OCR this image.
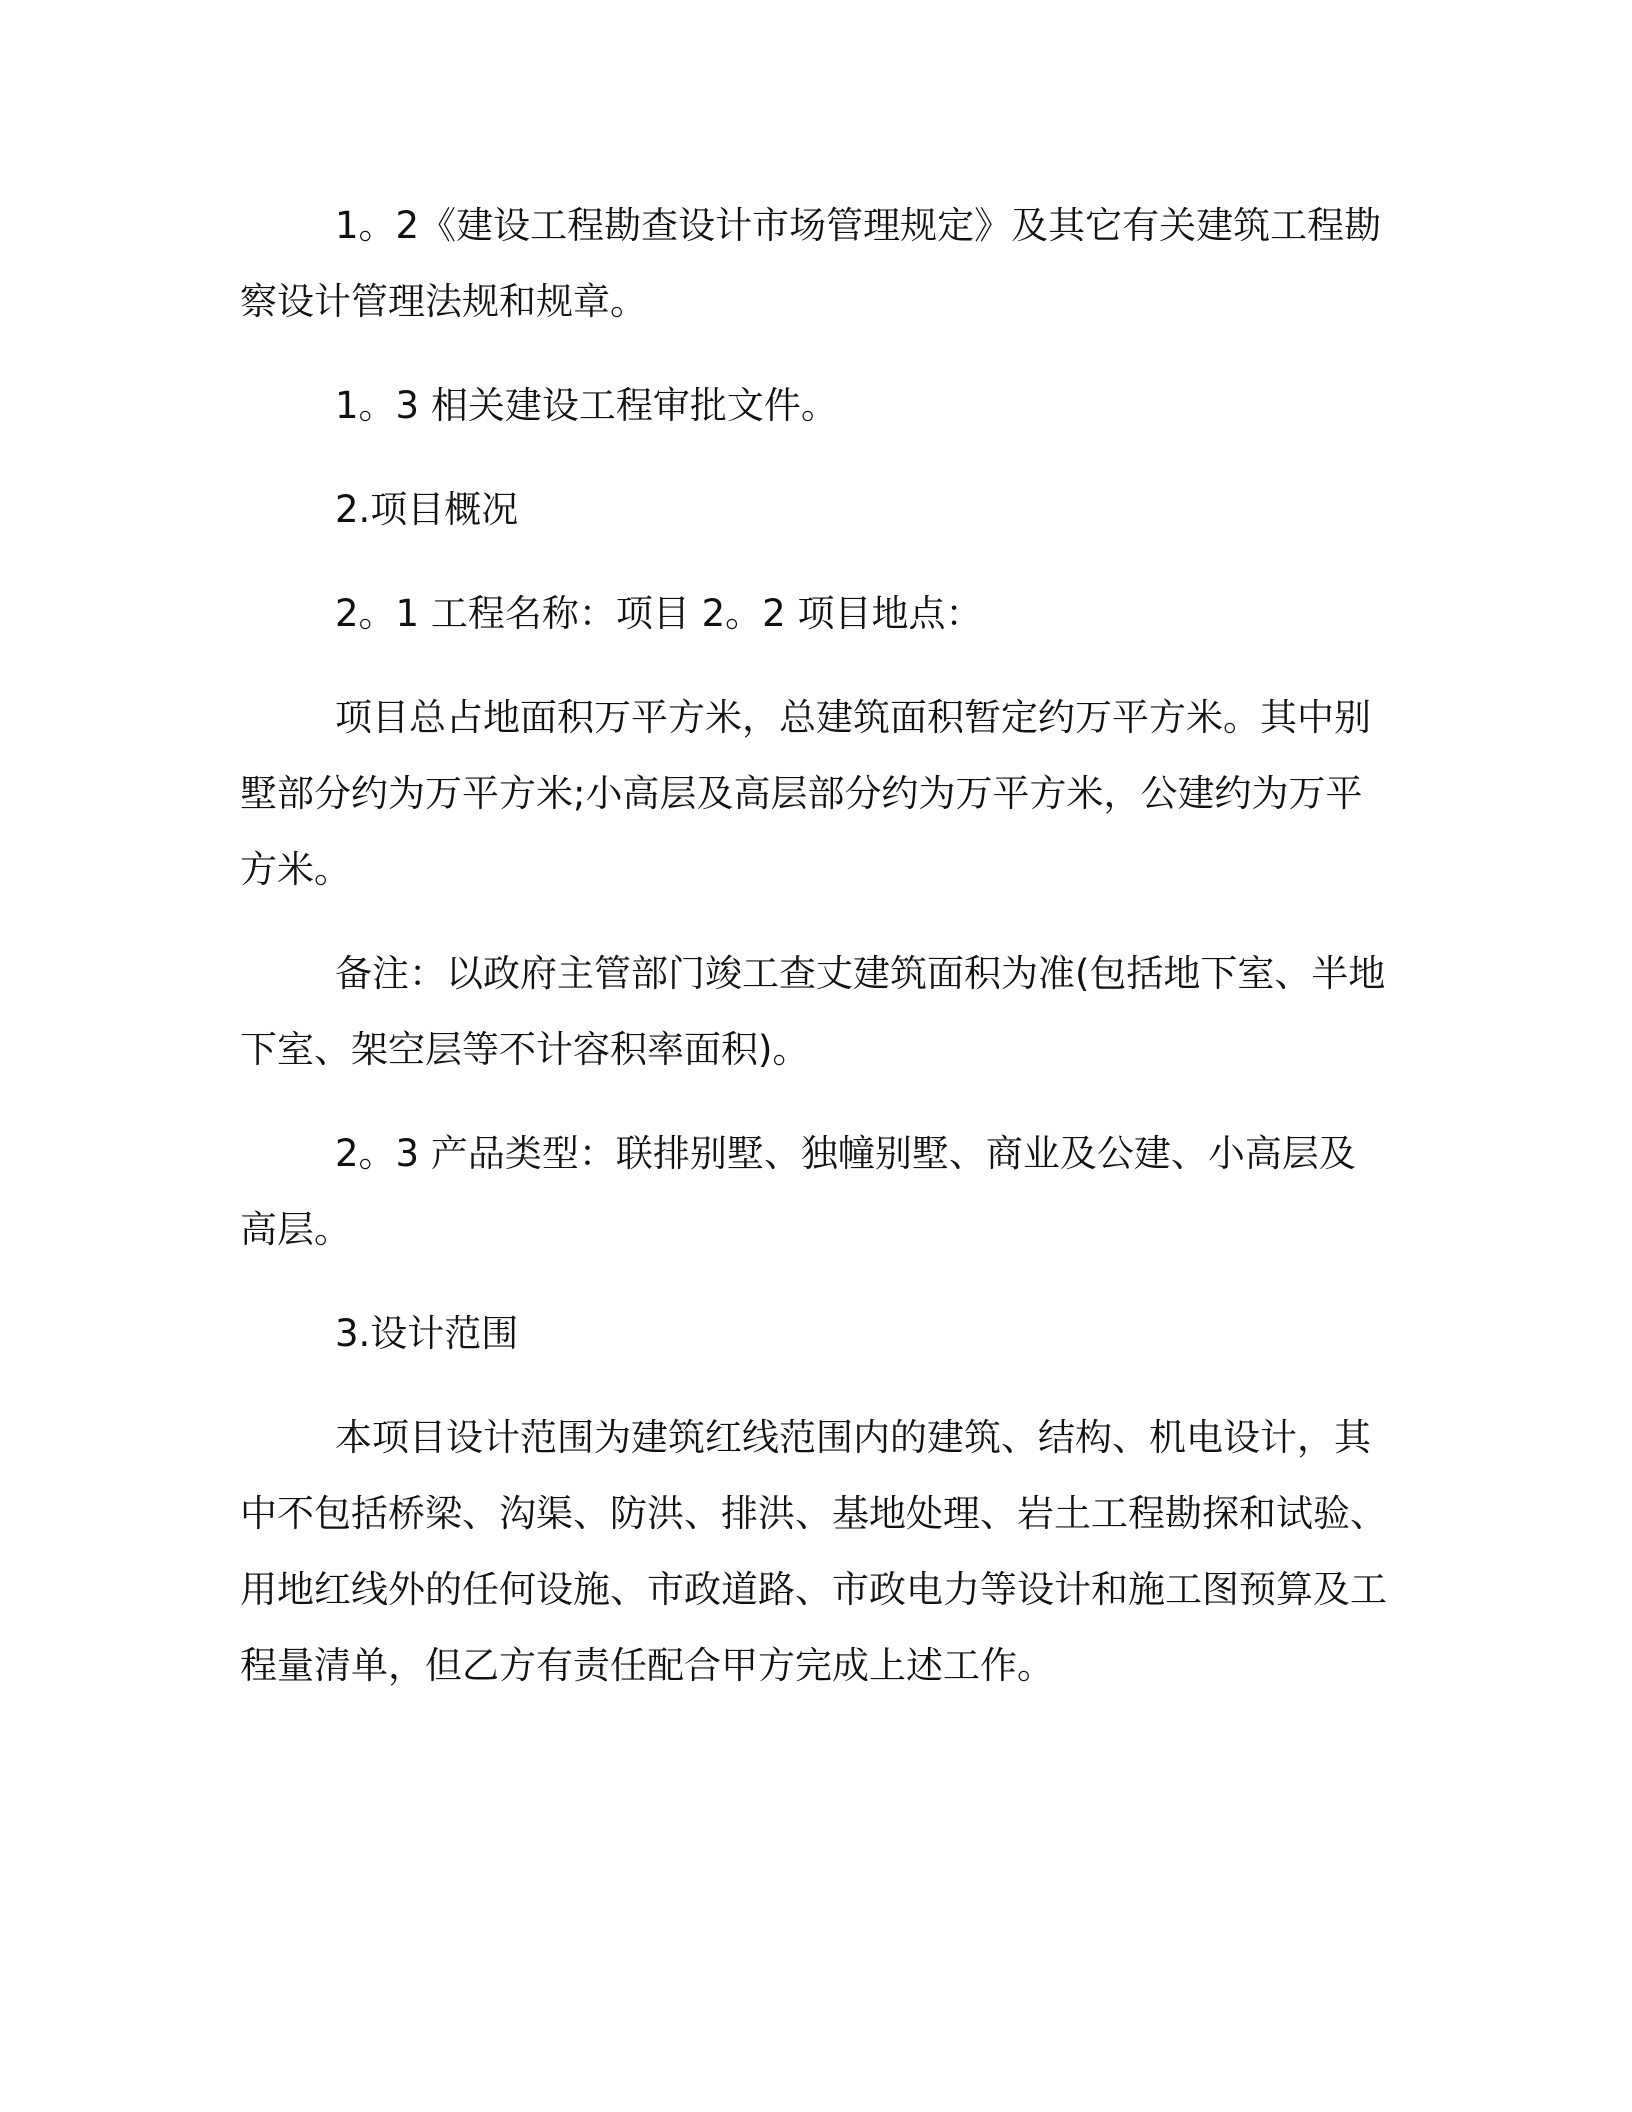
1。2《建设工程勘查设计市场管理规定》及其它有关建筑工程勘察设计管理法规和规章。

1。3 相关建设工程审批文件。

2.项目概况

2。1 工程名称：项目 2。2 项目地点：

项目总占地面积万平方米，总建筑面积暂定约万平方米。其中别墅部分约为万平方米;小高层及高层部分约为万平方米，公建约为万平方米。

备注：以政府主管部门竣工查丈建筑面积为准(包括地下室、半地下室、架空层等不计容积率面积)。

2。3 产品类型：联排别墅、独幢别墅、商业及公建、小高层及高层。

3.设计范围

本项目设计范围为建筑红线范围内的建筑、结构、机电设计，其中不包括桥梁、沟渠、防洪、排洪、基地处理、岩土工程勘探和试验、用地红线外的任何设施、市政道路、市政电力等设计和施工图预算及工程量清单，但乙方有责任配合甲方完成上述工作。
